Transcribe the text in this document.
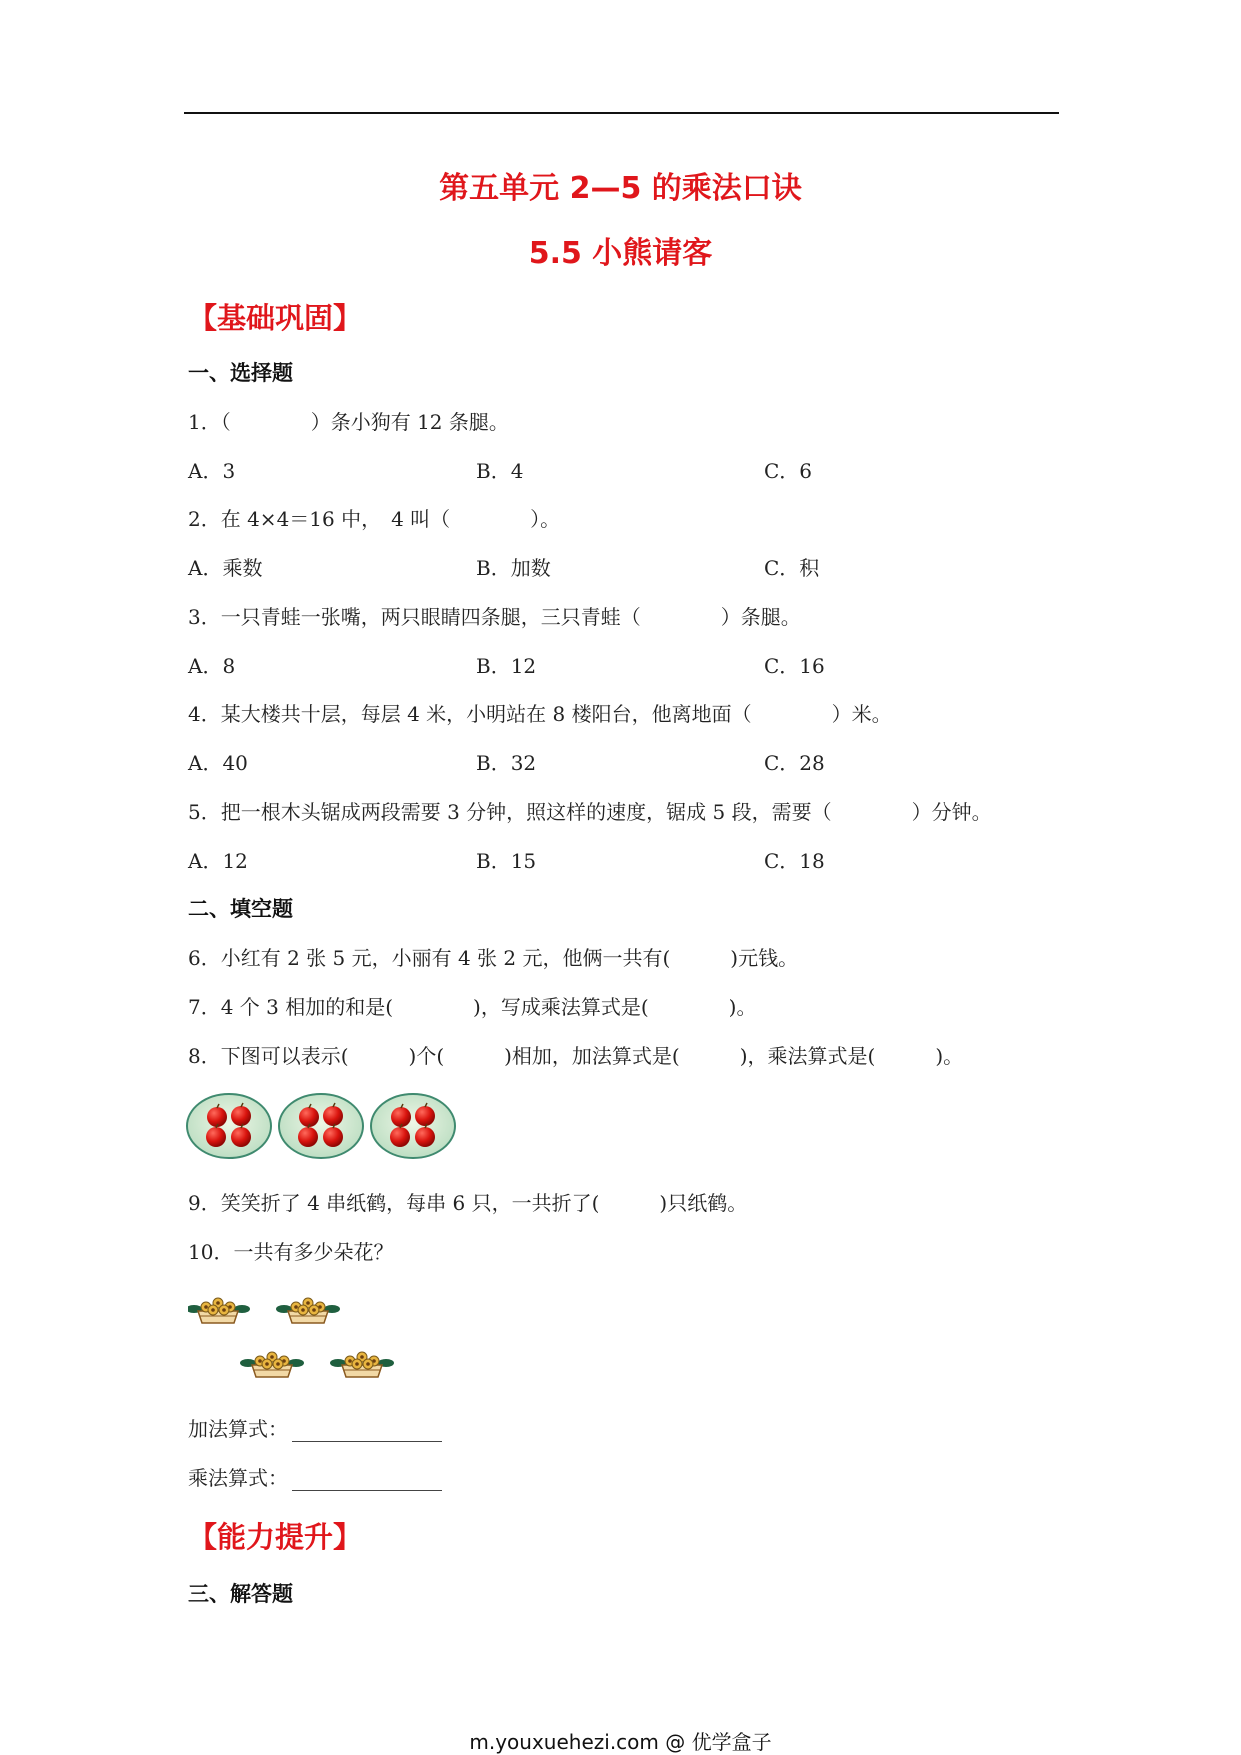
第五单元 2—5 的乘法口诀
5.5 小熊请客
【基础巩固】
一、选择题
1．（　　　　）条小狗有 12 条腿。
A．3	B．4	C．6
2．在 4×4＝16 中，　4 叫（　　　　）。
A．乘数	B．加数	C．积
3．一只青蛙一张嘴，两只眼睛四条腿，三只青蛙（　　　　）条腿。
A．8	B．12	C．16
4．某大楼共十层，每层 4 米，小明站在 8 楼阳台，他离地面（　　　　）米。
A．40	B．32	C．28
5．把一根木头锯成两段需要 3 分钟，照这样的速度，锯成 5 段，需要（　　　　）分钟。
A．12	B．15	C．18
二、填空题
6．小红有 2 张 5 元，小丽有 4 张 2 元，他俩一共有(　　　)元钱。
7．4 个 3 相加的和是(　　　　)，写成乘法算式是(　　　　)。
8．下图可以表示(　　　)个(　　　)相加，加法算式是(　　　)，乘法算式是(　　　)。
9．笑笑折了 4 串纸鹤，每串 6 只，一共折了(　　　)只纸鹤。
10．一共有多少朵花？
加法算式：
乘法算式：
【能力提升】
三、解答题
m.youxuehezi.com @ 优学盒子
